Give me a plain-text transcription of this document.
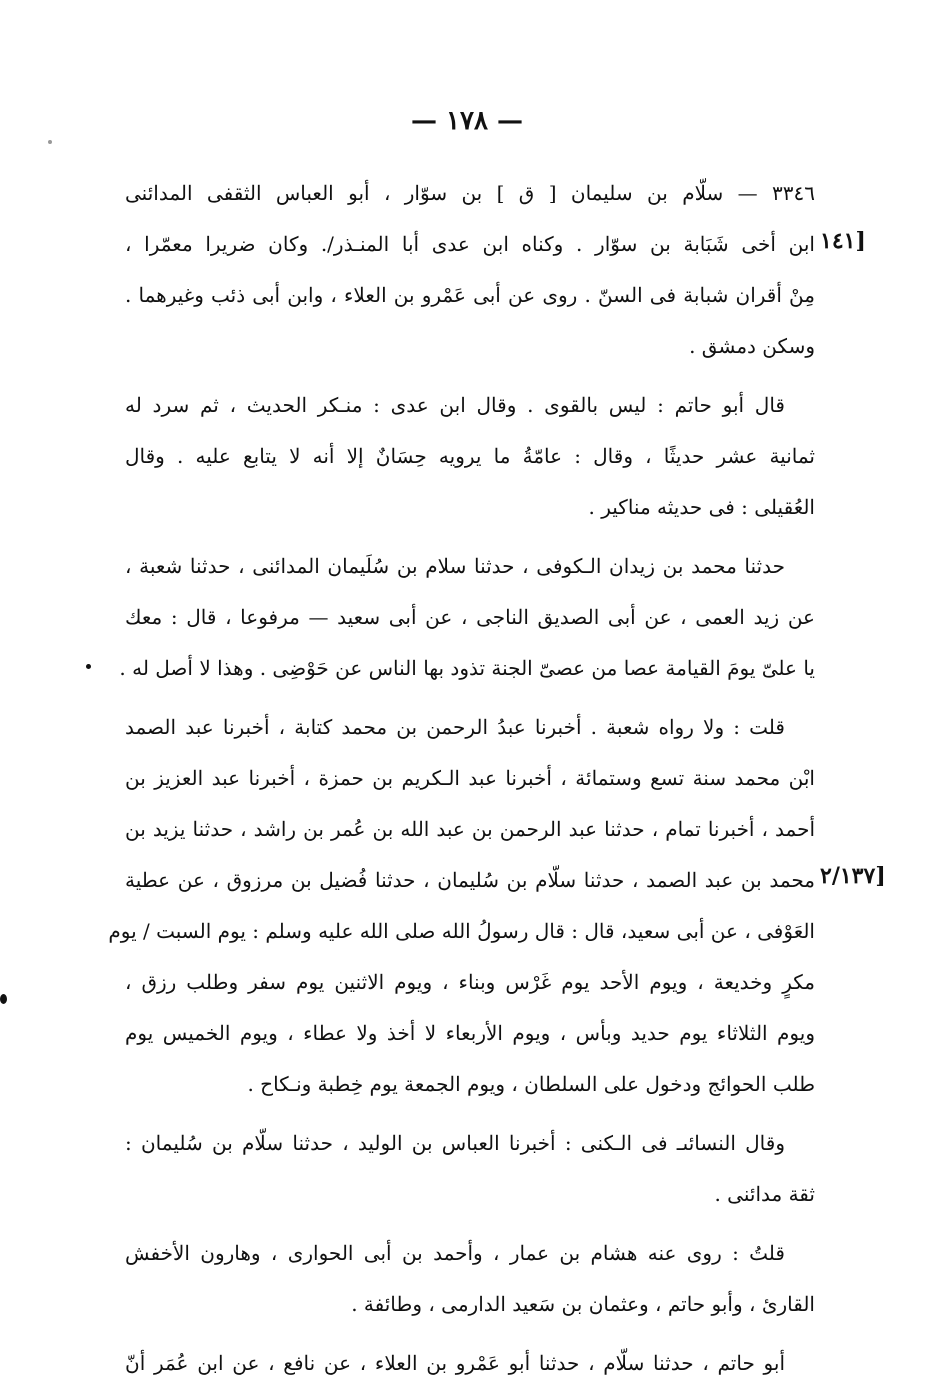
— ١٧٨ —
[١٤١
[٢/١٣٧
٣٣٤٦ — سلّام بن سليمان [ ق ] بن سوّار ، أبو العباس الثقفى المدائنى
ابن أخى شَبَابة بن سوّار . وكناه ابن عدى أبا المنـذر/. وكان ضريرا معمّرا ،
مِنْ أقران شبابة فى السنّ . روى عن أبى عَمْرو بن العلاء ، وابن أبى ذئب وغيرهما .
وسكن دمشق .
قال أبو حاتم : ليس بالقوى . وقال ابن عدى : منـكر الحديث ، ثم سرد له
ثمانية عشر حديثًا ، وقال : عامّةُ ما يرويه حِسَانٌ إلا أنه لا يتابع عليه . وقال
العُقيلى : فى حديثه مناكير .
حدثنا محمد بن زيدان الـكوفى ، حدثنا سلام بن سُلَيمان المدائنى ، حدثنا شعبة ،
عن زيد العمى ، عن أبى الصديق الناجى ، عن أبى سعيد — مرفوعا ، قال : معك
يا علىّ يومَ القيامة عصا من عصىّ الجنة تذود بها الناس عن حَوْضِى . وهذا لا أصل له .
قلت : ولا رواه شعبة . أخبرنا عبدُ الرحمن بن محمد كتابة ، أخبرنا عبد الصمد
ابْن محمد سنة تسع وستمائة ، أخبرنا عبد الـكريم بن حمزة ، أخبرنا عبد العزيز بن
أحمد ، أخبرنا تمام ، حدثنا عبد الرحمن بن عبد الله بن عُمر بن راشد ، حدثنا يزيد بن
محمد بن عبد الصمد ، حدثنا سلّام بن سُليمان ، حدثنا فُضيل بن مرزوق ، عن عطية
العَوْفى ، عن أبى سعيد، قال : قال رسولُ الله صلى الله عليه وسلم : يوم السبت / يوم
مكرٍ وخديعة ، ويوم الأحد يوم غَرْس وبناء ، ويوم الاثنين يوم سفر وطلب رزق ،
ويوم الثلاثاء يوم حديد وبأس ، ويوم الأربعاء لا أخذ ولا عطاء ، ويوم الخميس يوم
طلب الحوائج ودخول على السلطان ، ويوم الجمعة يوم خِطبة ونـكاح .
وقال النسائىـ فى الـكنى : أخبرنا العباس بن الوليد ، حدثنا سلّام بن سُليمان :
ثقة مدائنى .
قلتُ : روى عنه هشام بن عمار ، وأحمد بن أبى الحوارى ، وهارون الأخفش
القارئ ، وأبو حاتم ، وعثمان بن سَعيد الدارمى ، وطائفة .
أبو حاتم ، حدثنا سلّام ، حدثنا أبو عَمْرو بن العلاء ، عن نافع ، عن ابن عُمَر أنّ
